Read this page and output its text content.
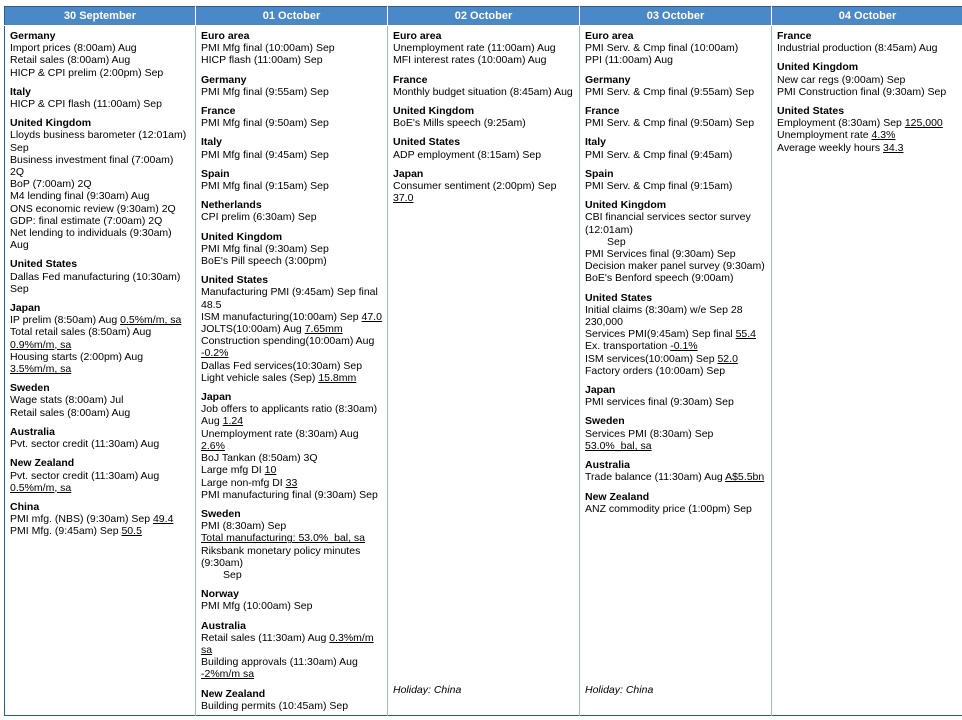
30 September	01 October	02 October	03 October	04 October

Germany
Import prices (8:00am) Aug
Retail sales (8:00am) Aug
HICP & CPI prelim (2:00pm) Sep
Italy
HICP & CPI flash (11:00am) Sep
United Kingdom
Lloyds business barometer (12:01am) Sep
Business investment final (7:00am) 2Q
BoP (7:00am) 2Q
M4 lending final (9:30am) Aug
ONS economic review (9:30am) 2Q
GDP: final estimate (7:00am) 2Q
Net lending to individuals (9:30am) Aug
United States
Dallas Fed manufacturing (10:30am) Sep
Japan
IP prelim (8:50am) Aug 0.5%m/m, sa
Total retail sales (8:50am) Aug 0.9%m/m, sa
Housing starts (2:00pm) Aug 3.5%m/m, sa
Sweden
Wage stats (8:00am) Jul
Retail sales (8:00am) Aug
Australia
Pvt. sector credit (11:30am) Aug
New Zealand
Pvt. sector credit (11:30am) Aug 0.5%m/m, sa
China
PMI mfg. (NBS) (9:30am) Sep 49.4
PMI Mfg. (9:45am) Sep 50.5

Euro area
PMI Mfg final (10:00am) Sep
HICP flash (11:00am) Sep
Germany
PMI Mfg final (9:55am) Sep
France
PMI Mfg final (9:50am) Sep
Italy
PMI Mfg final (9:45am) Sep
Spain
PMI Mfg final (9:15am) Sep
Netherlands
CPI prelim (6:30am) Sep
United Kingdom
PMI Mfg final (9:30am) Sep
BoE's Pill speech (3:00pm)
United States
Manufacturing PMI (9:45am) Sep final 48.5
ISM manufacturing(10:00am) Sep 47.0
JOLTS(10:00am) Aug 7.65mm
Construction spending(10:00am) Aug -0.2%
Dallas Fed services(10:30am) Sep
Light vehicle sales (Sep) 15.8mm
Japan
Job offers to applicants ratio (8:30am) Aug 1.24
Unemployment rate (8:30am) Aug 2.6%
BoJ Tankan (8:50am) 3Q
Large mfg DI 10
Large non-mfg DI 33
PMI manufacturing final (9:30am) Sep
Sweden
PMI (8:30am) Sep
Total manufacturing: 53.0%_bal, sa
Riksbank monetary policy minutes (9:30am)
Sep
Norway
PMI Mfg (10:00am) Sep
Australia
Retail sales (11:30am) Aug 0.3%m/m sa
Building approvals (11:30am) Aug -2%m/m sa
New Zealand
Building permits (10:45am) Sep

Euro area
Unemployment rate (11:00am) Aug
MFI interest rates (10:00am) Aug
France
Monthly budget situation (8:45am) Aug
United Kingdom
BoE's Mills speech (9:25am)
United States
ADP employment (8:15am) Sep
Japan
Consumer sentiment (2:00pm) Sep 37.0
Holiday: China

Euro area
PMI Serv. & Cmp final (10:00am)
PPI (11:00am) Aug
Germany
PMI Serv. & Cmp final (9:55am) Sep
France
PMI Serv. & Cmp final (9:50am) Sep
Italy
PMI Serv. & Cmp final (9:45am)
Spain
PMI Serv. & Cmp final (9:15am)
United Kingdom
CBI financial services sector survey (12:01am)
Sep
PMI Services final (9:30am) Sep
Decision maker panel survey (9:30am)
BoE's Benford speech (9:00am)
United States
Initial claims (8:30am) w/e Sep 28 230,000
Services PMI(9:45am) Sep final 55.4
Ex. transportation -0.1%
ISM services(10:00am) Sep 52.0
Factory orders (10:00am) Sep
Japan
PMI services final (9:30am) Sep
Sweden
Services PMI (8:30am) Sep 53.0%_bal, sa
Australia
Trade balance (11:30am) Aug A$5.5bn
New Zealand
ANZ commodity price (1:00pm) Sep
Holiday: China

France
Industrial production (8:45am) Aug
United Kingdom
New car regs (9:00am) Sep
PMI Construction final (9:30am) Sep
United States
Employment (8:30am) Sep 125,000
Unemployment rate 4.3%
Average weekly hours 34.3
